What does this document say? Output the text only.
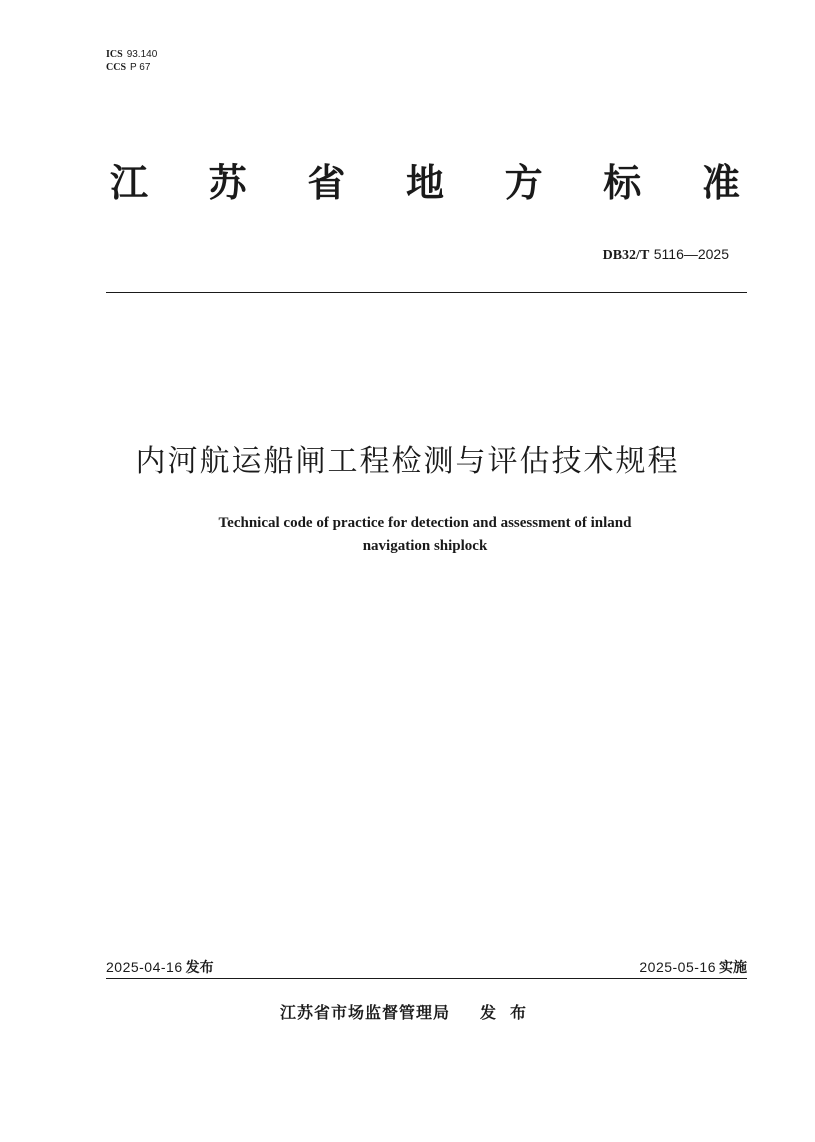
ICS 93.140
CCS P 67
江 苏 省 地 方 标 准
DB32/T 5116—2025
内河航运船闸工程检测与评估技术规程
Technical code of practice for detection and assessment of inland
navigation shiplock
2025-04-16 发布	2025-05-16 实施
江苏省市场监督管理局 发布
